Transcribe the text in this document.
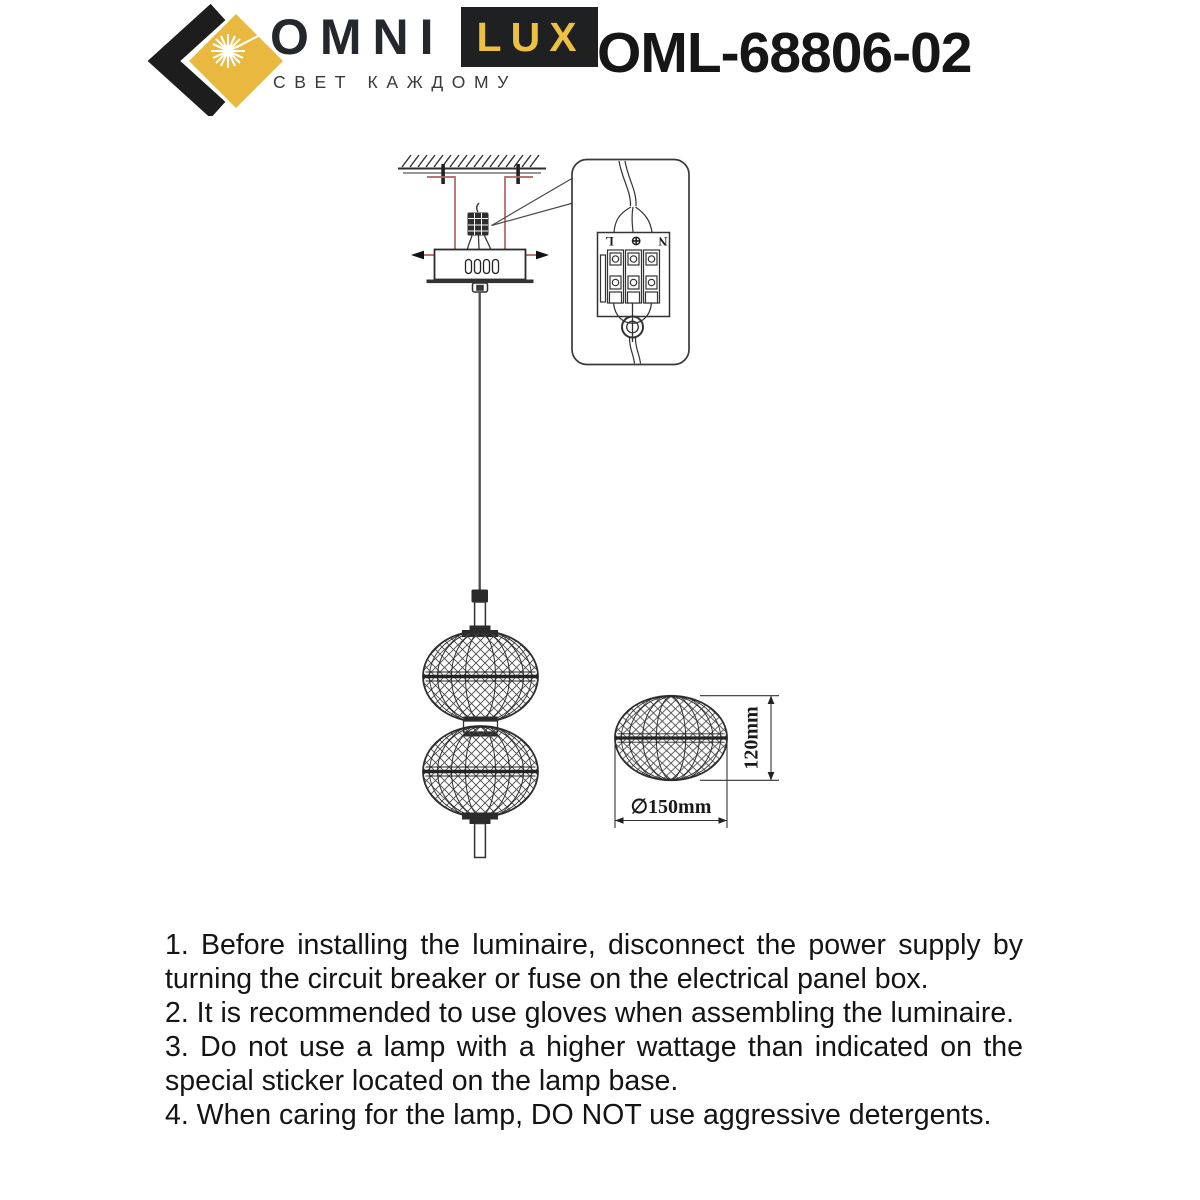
OMNI LUX
СВЕТ КАЖДОМУ OML-68806-02
N ⊕ L
120mm
∅150mm

1. Before installing the luminaire, disconnect the power supply by turning the circuit breaker or fuse on the electrical panel box.

2. It is recommended to use gloves when assembling the luminaire.

3. Do not use a lamp with a higher wattage than indicated on the special sticker located on the lamp base.

4. When caring for the lamp, DO NOT use aggressive detergents.
